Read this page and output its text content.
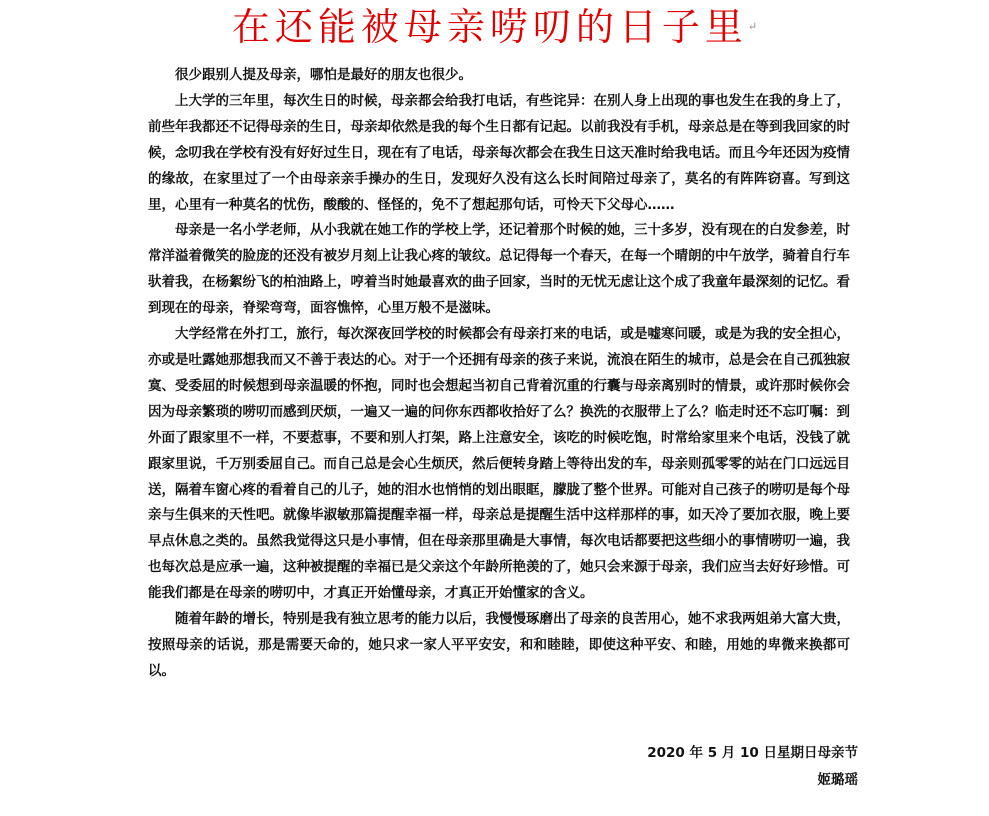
在还能被母亲唠叨的日子里↵

很少跟别人提及母亲，哪怕是最好的朋友也很少。

上大学的三年里，每次生日的时候，母亲都会给我打电话，有些诧异：在别人身上出现的事也发生在我的身上了，前些年我都还不记得母亲的生日，母亲却依然是我的每个生日都有记起。以前我没有手机，母亲总是在等到我回家的时候，念叨我在学校有没有好好过生日，现在有了电话，母亲每次都会在我生日这天准时给我电话。而且今年还因为疫情的缘故，在家里过了一个由母亲亲手操办的生日，发现好久没有这么长时间陪过母亲了，莫名的有阵阵窃喜。写到这里，心里有一种莫名的忧伤，酸酸的、怪怪的，免不了想起那句话，可怜天下父母心……

母亲是一名小学老师，从小我就在她工作的学校上学，还记着那个时候的她，三十多岁，没有现在的白发参差，时常洋溢着微笑的脸庞的还没有被岁月刻上让我心疼的皱纹。总记得每一个春天，在每一个晴朗的中午放学，骑着自行车驮着我，在杨絮纷飞的柏油路上，哼着当时她最喜欢的曲子回家，当时的无忧无虑让这个成了我童年最深刻的记忆。看到现在的母亲，脊梁弯弯，面容憔悴，心里万般不是滋味。

大学经常在外打工，旅行，每次深夜回学校的时候都会有母亲打来的电话，或是嘘寒问暖，或是为我的安全担心，亦或是吐露她那想我而又不善于表达的心。对于一个还拥有母亲的孩子来说，流浪在陌生的城市，总是会在自己孤独寂寞、受委屈的时候想到母亲温暖的怀抱，同时也会想起当初自己背着沉重的行囊与母亲离别时的情景，或许那时候你会因为母亲繁琐的唠叨而感到厌烦，一遍又一遍的问你东西都收拾好了么？换洗的衣服带上了么？临走时还不忘叮嘱：到外面了跟家里不一样，不要惹事，不要和别人打架，路上注意安全，该吃的时候吃饱，时常给家里来个电话，没钱了就跟家里说，千万别委屈自己。而自己总是会心生烦厌，然后便转身踏上等待出发的车，母亲则孤零零的站在门口远远目送，隔着车窗心疼的看着自己的儿子，她的泪水也悄悄的划出眼眶，朦胧了整个世界。可能对自己孩子的唠叨是每个母亲与生俱来的天性吧。就像毕淑敏那篇提醒幸福一样，母亲总是提醒生活中这样那样的事，如天冷了要加衣服，晚上要早点休息之类的。虽然我觉得这只是小事情，但在母亲那里确是大事情，每次电话都要把这些细小的事情唠叨一遍，我也每次总是应承一遍，这种被提醒的幸福已是父亲这个年龄所艳羡的了，她只会来源于母亲，我们应当去好好珍惜。可能我们都是在母亲的唠叨中，才真正开始懂母亲，才真正开始懂家的含义。

随着年龄的增长，特别是我有独立思考的能力以后，我慢慢琢磨出了母亲的良苦用心，她不求我两姐弟大富大贵，按照母亲的话说，那是需要天命的，她只求一家人平平安安，和和睦睦，即使这种平安、和睦，用她的卑微来换都可以。

2020 年 5 月 10 日星期日母亲节
姬璐瑶
